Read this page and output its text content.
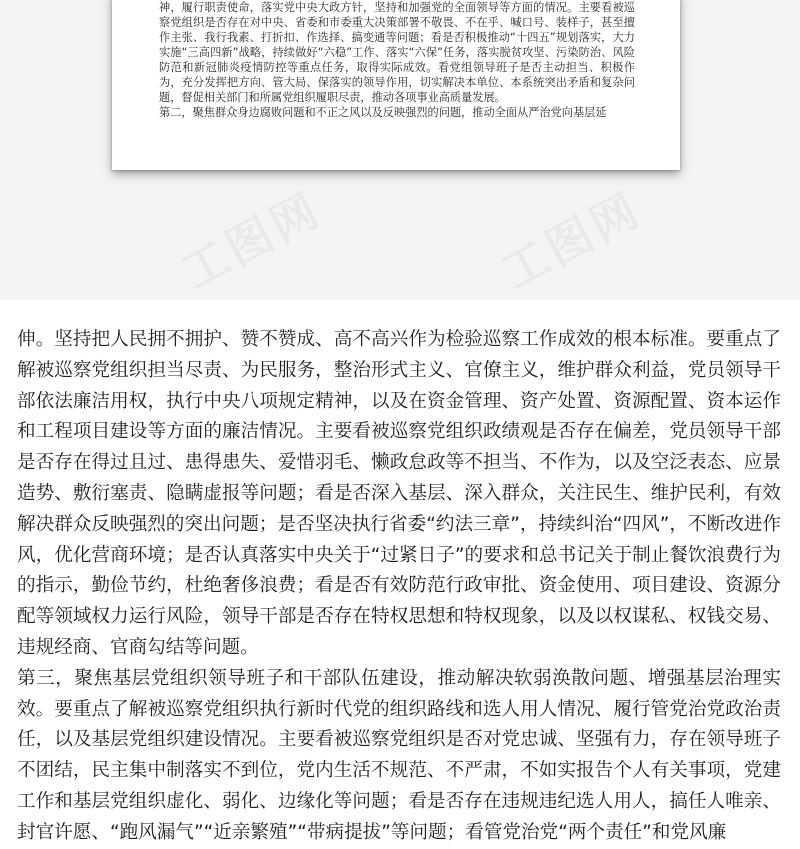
神，履行职责使命，落实党中央大政方针，坚持和加强党的全面领导等方面的情况。主要看被巡察党组织是否存在对中央、省委和市委重大决策部署不敬畏、不在乎、喊口号、装样子，甚至擅作主张、我行我素、打折扣、作选择、搞变通等问题；看是否积极推动“十四五”规划落实，大力实施“三高四新”战略，持续做好“六稳”工作、落实“六保”任务，落实脱贫攻坚、污染防治、风险防范和新冠肺炎疫情防控等重点任务，取得实际成效。看党组领导班子是否主动担当、积极作为，充分发挥把方向、管大局、保落实的领导作用，切实解决本单位、本系统突出矛盾和复杂问题，督促相关部门和所属党组织履职尽责，推动各项事业高质量发展。

第二，聚焦群众身边腐败问题和不正之风以及反映强烈的问题，推动全面从严治党向基层延

伸。坚持把人民拥不拥护、赞不赞成、高不高兴作为检验巡察工作成效的根本标准。要重点了解被巡察党组织担当尽责、为民服务，整治形式主义、官僚主义，维护群众利益，党员领导干部依法廉洁用权，执行中央八项规定精神，以及在资金管理、资产处置、资源配置、资本运作和工程项目建设等方面的廉洁情况。主要看被巡察党组织政绩观是否存在偏差，党员领导干部是否存在得过且过、患得患失、爱惜羽毛、懒政怠政等不担当、不作为，以及空泛表态、应景造势、敷衍塞责、隐瞒虚报等问题；看是否深入基层、深入群众，关注民生、维护民利，有效解决群众反映强烈的突出问题；是否坚决执行省委“约法三章”，持续纠治“四风”，不断改进作风，优化营商环境；是否认真落实中央关于“过紧日子”的要求和总书记关于制止餐饮浪费行为的指示，勤俭节约，杜绝奢侈浪费；看是否有效防范行政审批、资金使用、项目建设、资源分配等领域权力运行风险，领导干部是否存在特权思想和特权现象，以及以权谋私、权钱交易、违规经商、官商勾结等问题。

第三，聚焦基层党组织领导班子和干部队伍建设，推动解决软弱涣散问题、增强基层治理实效。要重点了解被巡察党组织执行新时代党的组织路线和选人用人情况、履行管党治党政治责任，以及基层党组织建设情况。主要看被巡察党组织是否对党忠诚、坚强有力，存在领导班子不团结，民主集中制落实不到位，党内生活不规范、不严肃，不如实报告个人有关事项，党建工作和基层党组织虚化、弱化、边缘化等问题；看是否存在违规违纪选人用人，搞任人唯亲、封官许愿、“跑风漏气”“近亲繁殖”“带病提拔”等问题；看管党治党“两个责任”和党风廉
